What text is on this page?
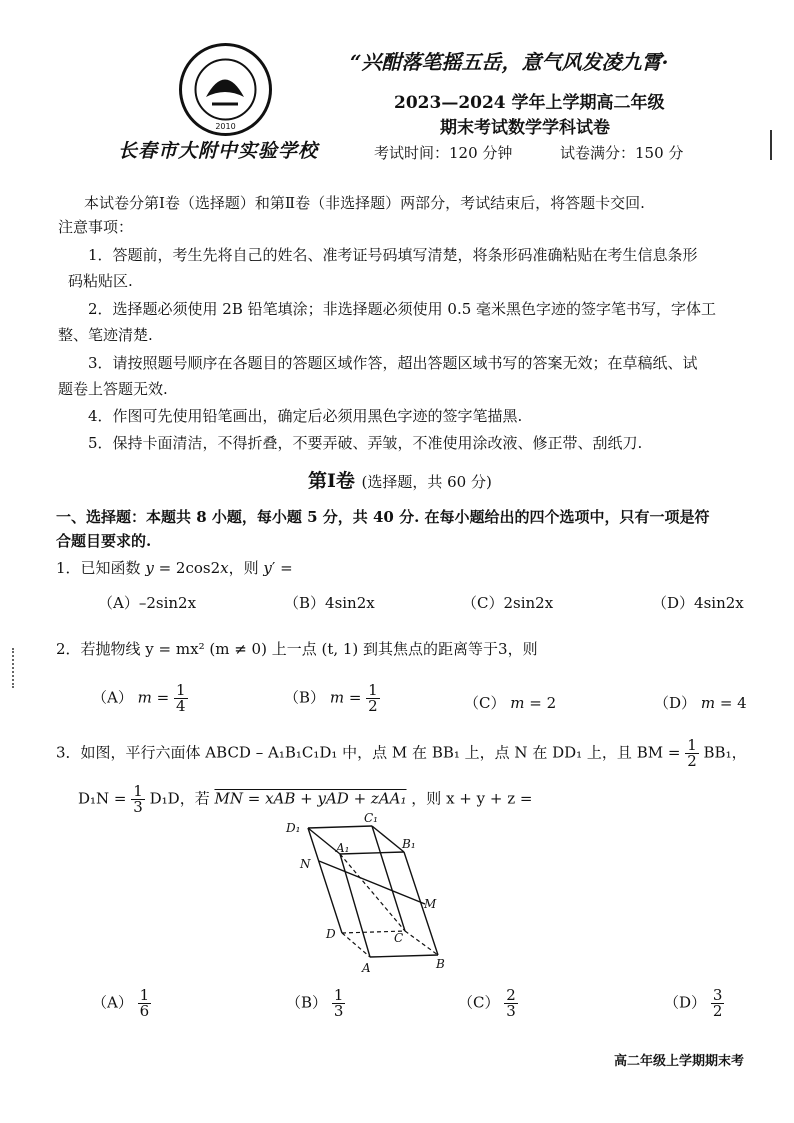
2010
长春市大附中实验学校
“兴酣落笔摇五岳，意气风发凌九霄·
2023—2024 学年上学期高二年级
期末考试数学学科试卷
考试时间：120 分钟	试卷满分：150 分
本试卷分第Ⅰ卷（选择题）和第Ⅱ卷（非选择题）两部分，考试结束后，将答题卡交回.
注意事项：
1．答题前，考生先将自己的姓名、准考证号码填写清楚，将条形码准确粘贴在考生信息条形
码粘贴区.
2．选择题必须使用 2B 铅笔填涂；非选择题必须使用 0.5 毫米黑色字迹的签字笔书写，字体工
整、笔迹清楚.
3．请按照题号顺序在各题目的答题区域作答，超出答题区域书写的答案无效；在草稿纸、试
题卷上答题无效.
4．作图可先使用铅笔画出，确定后必须用黑色字迹的签字笔描黑.
5．保持卡面清洁，不得折叠，不要弄破、弄皱，不准使用涂改液、修正带、刮纸刀.
第Ⅰ卷 (选择题，共 60 分)
一、选择题：本题共 8 小题，每小题 5 分，共 40 分. 在每小题给出的四个选项中，只有一项是符
合题目要求的.
1．已知函数 y = 2cos2x，则 y′ =
（A）–2sin2x	（B）4sin2x	（C）2sin2x	（D）4sin2x
2．若抛物线 y = mx² (m ≠ 0) 上一点 (t, 1) 到其焦点的距离等于3，则
（A） $m = \frac{1}{4}$	（B） $m = \frac{1}{2}$	（C） m = 2	（D） m = 4
3．如图，平行六面体 ABCD – A₁B₁C₁D₁ 中，点 M 在 BB₁ 上，点 N 在 DD₁ 上，且 BM = $\frac{1}{2} BB_1$，
$D_1N = \frac{1}{3} D_1D$，若 MN = xAB + yAD + zAA₁ ，则 x + y + z =
D₁
C₁
A₁	B₁
N
M
D	C
A	B
$(A) \frac{1}{6}$	$(B) \frac{1}{3}$	$(C) \frac{2}{3}$	$(D) \frac{3}{2}$
高二年级上学期期末考
